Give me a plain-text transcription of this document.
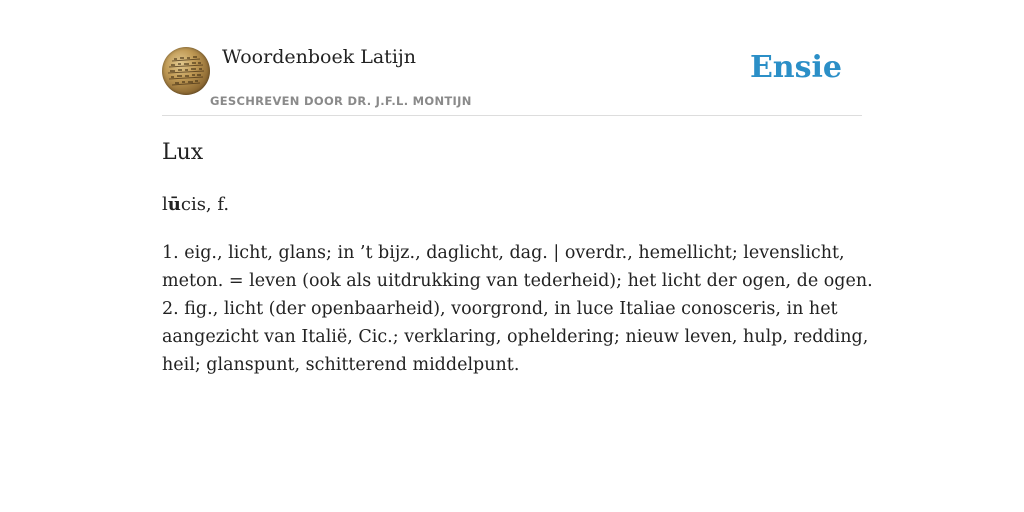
Woordenboek Latijn
GESCHREVEN DOOR DR. J.F.L. MONTIJN
Ensie
Lux

lūcis, f.

1. eig., licht, glans; in ’t bijz., daglicht, dag. | overdr., hemellicht; levenslicht,
meton. = leven (ook als uitdrukking van tederheid); het licht der ogen, de ogen.
2. fig., licht (der openbaarheid), voorgrond, in luce Italiae conosceris, in het
aangezicht van Italië, Cic.; verklaring, opheldering; nieuw leven, hulp, redding,
heil; glanspunt, schitterend middelpunt.
